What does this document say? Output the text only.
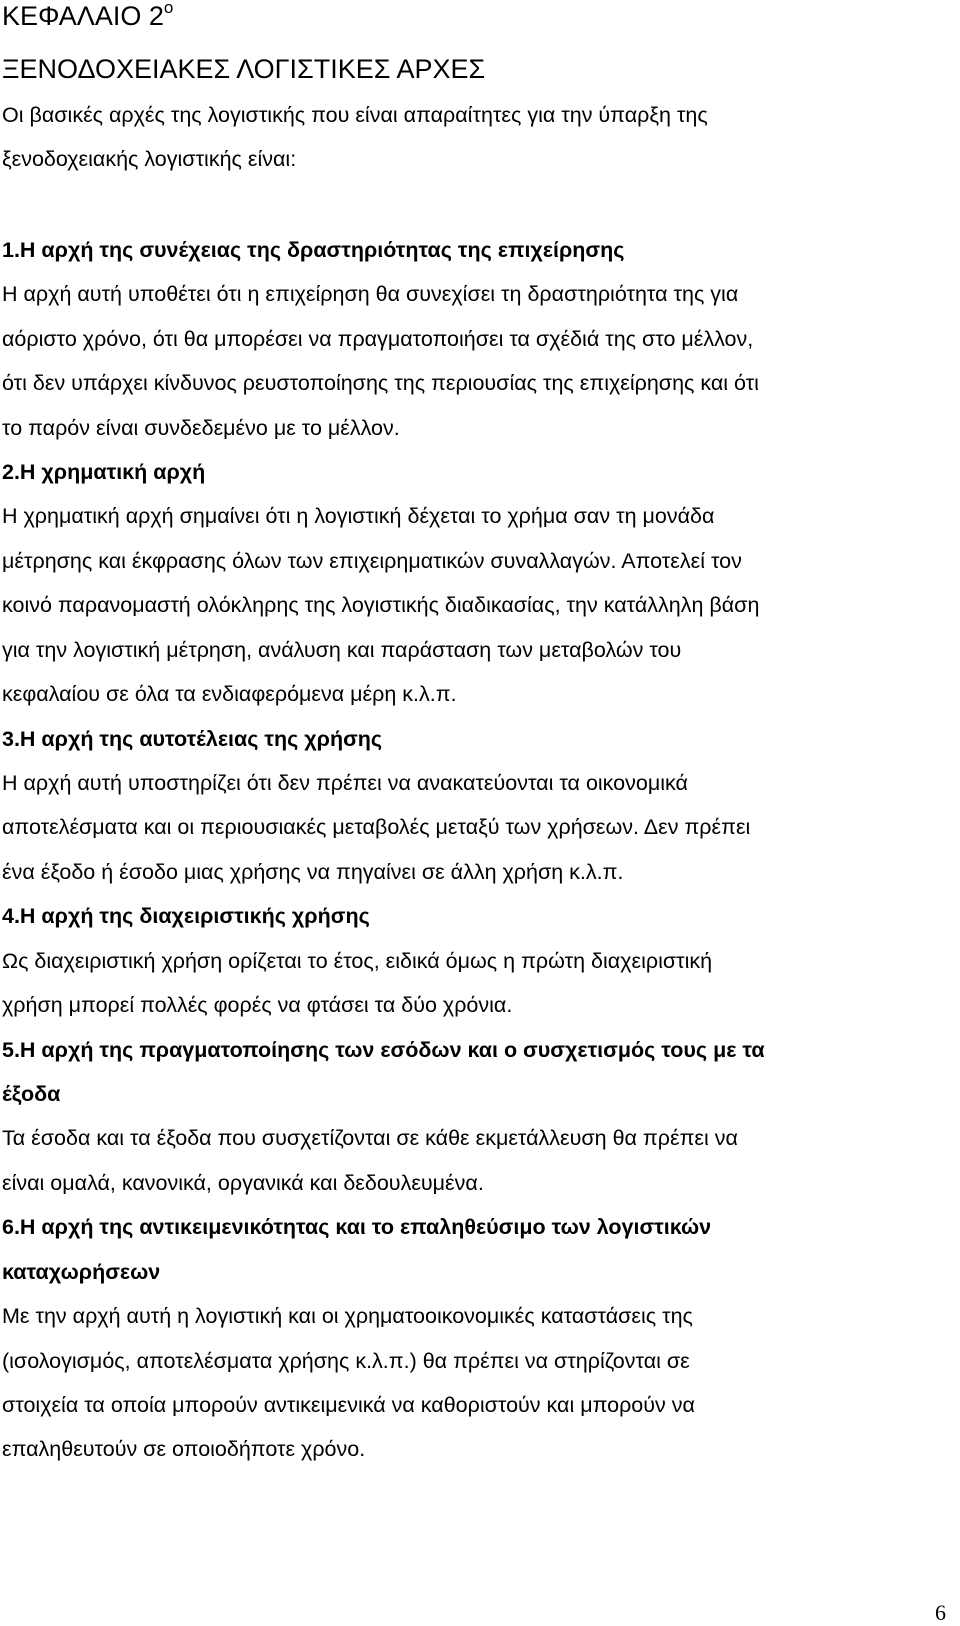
ΚΕΦΑΛΑΙΟ $2^o$
ΞΕΝΟΔΟΧΕΙΑΚΕΣ ΛΟΓΙΣΤΙΚΕΣ ΑΡΧΕΣ
Οι βασικές αρχές της λογιστικής που είναι απαραίτητες για την ύπαρξη της
ξενοδοχειακής λογιστικής είναι:
1.Η αρχή της συνέχειας της δραστηριότητας της επιχείρησης
Η αρχή αυτή υποθέτει ότι η επιχείρηση θα συνεχίσει τη δραστηριότητα της για
αόριστο χρόνο, ότι θα μπορέσει να πραγματοποιήσει τα σχέδιά της στο μέλλον,
ότι δεν υπάρχει κίνδυνος ρευστοποίησης της περιουσίας της επιχείρησης και ότι
το παρόν είναι συνδεδεμένο με το μέλλον.
2.Η χρηματική αρχή
Η χρηματική αρχή σημαίνει ότι η λογιστική δέχεται το χρήμα σαν τη μονάδα
μέτρησης και έκφρασης όλων των επιχειρηματικών συναλλαγών. Αποτελεί τον
κοινό παρανομαστή ολόκληρης της λογιστικής διαδικασίας, την κατάλληλη βάση
για την λογιστική μέτρηση, ανάλυση και παράσταση των μεταβολών του
κεφαλαίου σε όλα τα ενδιαφερόμενα μέρη κ.λ.π.
3.Η αρχή της αυτοτέλειας της χρήσης
Η αρχή αυτή υποστηρίζει ότι δεν πρέπει να ανακατεύονται τα οικονομικά
αποτελέσματα και οι περιουσιακές μεταβολές μεταξύ των χρήσεων. Δεν πρέπει
ένα έξοδο ή έσοδο μιας χρήσης να πηγαίνει σε άλλη χρήση κ.λ.π.
4.Η αρχή της διαχειριστικής χρήσης
Ως διαχειριστική χρήση ορίζεται το έτος, ειδικά όμως η πρώτη διαχειριστική
χρήση μπορεί πολλές φορές να φτάσει τα δύο χρόνια.
5.Η αρχή της πραγματοποίησης των εσόδων και ο συσχετισμός τους με τα
έξοδα
Τα έσοδα και τα έξοδα που συσχετίζονται σε κάθε εκμετάλλευση θα πρέπει να
είναι ομαλά, κανονικά, οργανικά και δεδουλευμένα.
6.Η αρχή της αντικειμενικότητας και το επαληθεύσιμο των λογιστικών
καταχωρήσεων
Με την αρχή αυτή η λογιστική και οι χρηματοοικονομικές καταστάσεις της
(ισολογισμός, αποτελέσματα χρήσης κ.λ.π.) θα πρέπει να στηρίζονται σε
στοιχεία τα οποία μπορούν αντικειμενικά να καθοριστούν και μπορούν να
επαληθευτούν σε οποιοδήποτε χρόνο.
6
